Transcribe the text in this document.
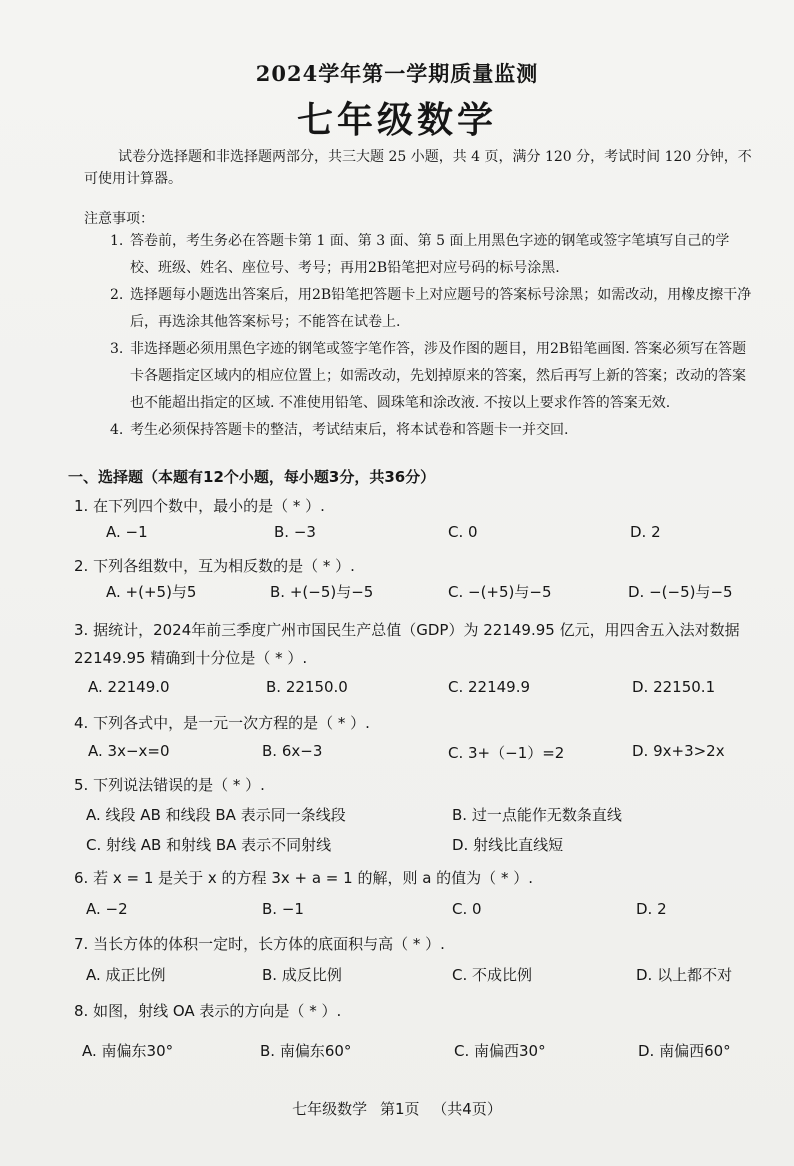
2024学年第一学期质量监测
七年级数学
试卷分选择题和非选择题两部分，共三大题 25 小题，共 4 页，满分 120 分，考试时间 120 分钟，不可使用计算器。
注意事项：
1. 答卷前，考生务必在答题卡第 1 面、第 3 面、第 5 面上用黑色字迹的钢笔或签字笔填写自己的学校、班级、姓名、座位号、考号；再用2B铅笔把对应号码的标号涂黑.
2. 选择题每小题选出答案后，用2B铅笔把答题卡上对应题号的答案标号涂黑；如需改动，用橡皮擦干净后，再选涂其他答案标号；不能答在试卷上.
3. 非选择题必须用黑色字迹的钢笔或签字笔作答，涉及作图的题目，用2B铅笔画图. 答案必须写在答题卡各题指定区域内的相应位置上；如需改动，先划掉原来的答案，然后再写上新的答案；改动的答案也不能超出指定的区域. 不准使用铅笔、圆珠笔和涂改液. 不按以上要求作答的答案无效.
4. 考生必须保持答题卡的整洁，考试结束后，将本试卷和答题卡一并交回.
一、选择题（本题有12个小题，每小题3分，共36分）
1. 在下列四个数中，最小的是（ * ）.
A. −1	B. −3	C. 0	D. 2
2. 下列各组数中，互为相反数的是（ * ）.
A. +(+5)与5	B. +(−5)与−5	C. −(+5)与−5	D. −(−5)与−5
3. 据统计，2024年前三季度广州市国民生产总值（GDP）为 22149.95 亿元，用四舍五入法对数据 22149.95 精确到十分位是（ * ）.
A. 22149.0	B. 22150.0	C. 22149.9	D. 22150.1
4. 下列各式中，是一元一次方程的是（ * ）.
A. 3x−x=0	B. 6x−3	C. 3+（−1）=2	D. 9x+3>2x
5. 下列说法错误的是（ * ）.
A. 线段 AB 和线段 BA 表示同一条线段	B. 过一点能作无数条直线
C. 射线 AB 和射线 BA 表示不同射线	D. 射线比直线短
6. 若 x = 1 是关于 x 的方程 3x + a = 1 的解，则 a 的值为（ * ）.
A. −2	B. −1	C. 0	D. 2
7. 当长方体的体积一定时，长方体的底面积与高（ * ）.
A. 成正比例	B. 成反比例	C. 不成比例	D. 以上都不对
8. 如图，射线 OA 表示的方向是（ * ）.
A. 南偏东30°	B. 南偏东60°	C. 南偏西30°	D. 南偏西60°
七年级数学 第1页 （共4页）
